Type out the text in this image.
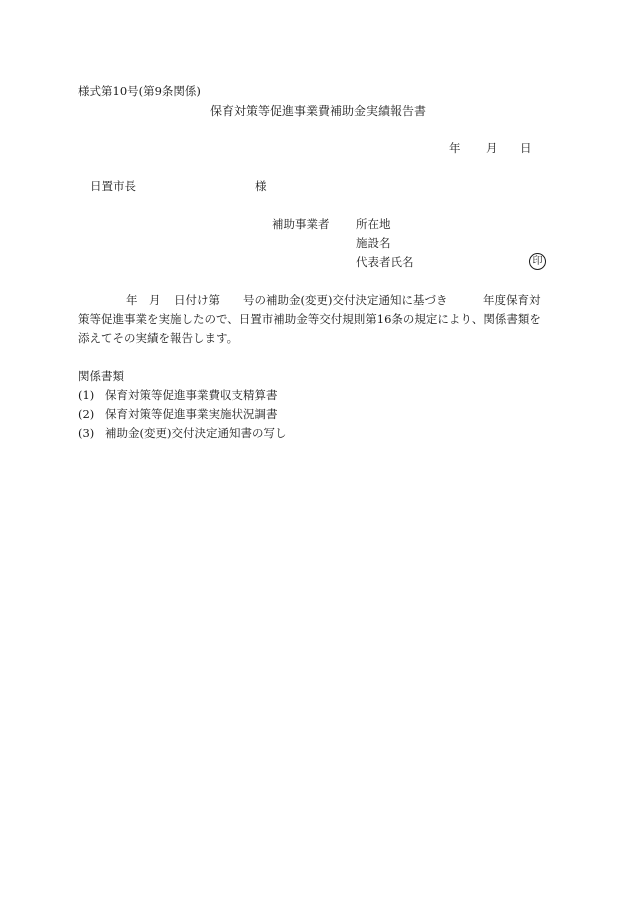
様式第10号(第9条関係)
保育対策等促進事業費補助金実績報告書
年 月 日
日置市長	様
補助事業者 所在地
施設名
代表者氏名	印
年 月 日付け第 号の補助金(変更)交付決定通知に基づき	年度保育対
策等促進事業を実施したので、日置市補助金等交付規則第16条の規定により、関係書類を
添えてその実績を報告します。
関係書類
(1) 保育対策等促進事業費収支精算書
(2) 保育対策等促進事業実施状況調書
(3) 補助金(変更)交付決定通知書の写し
